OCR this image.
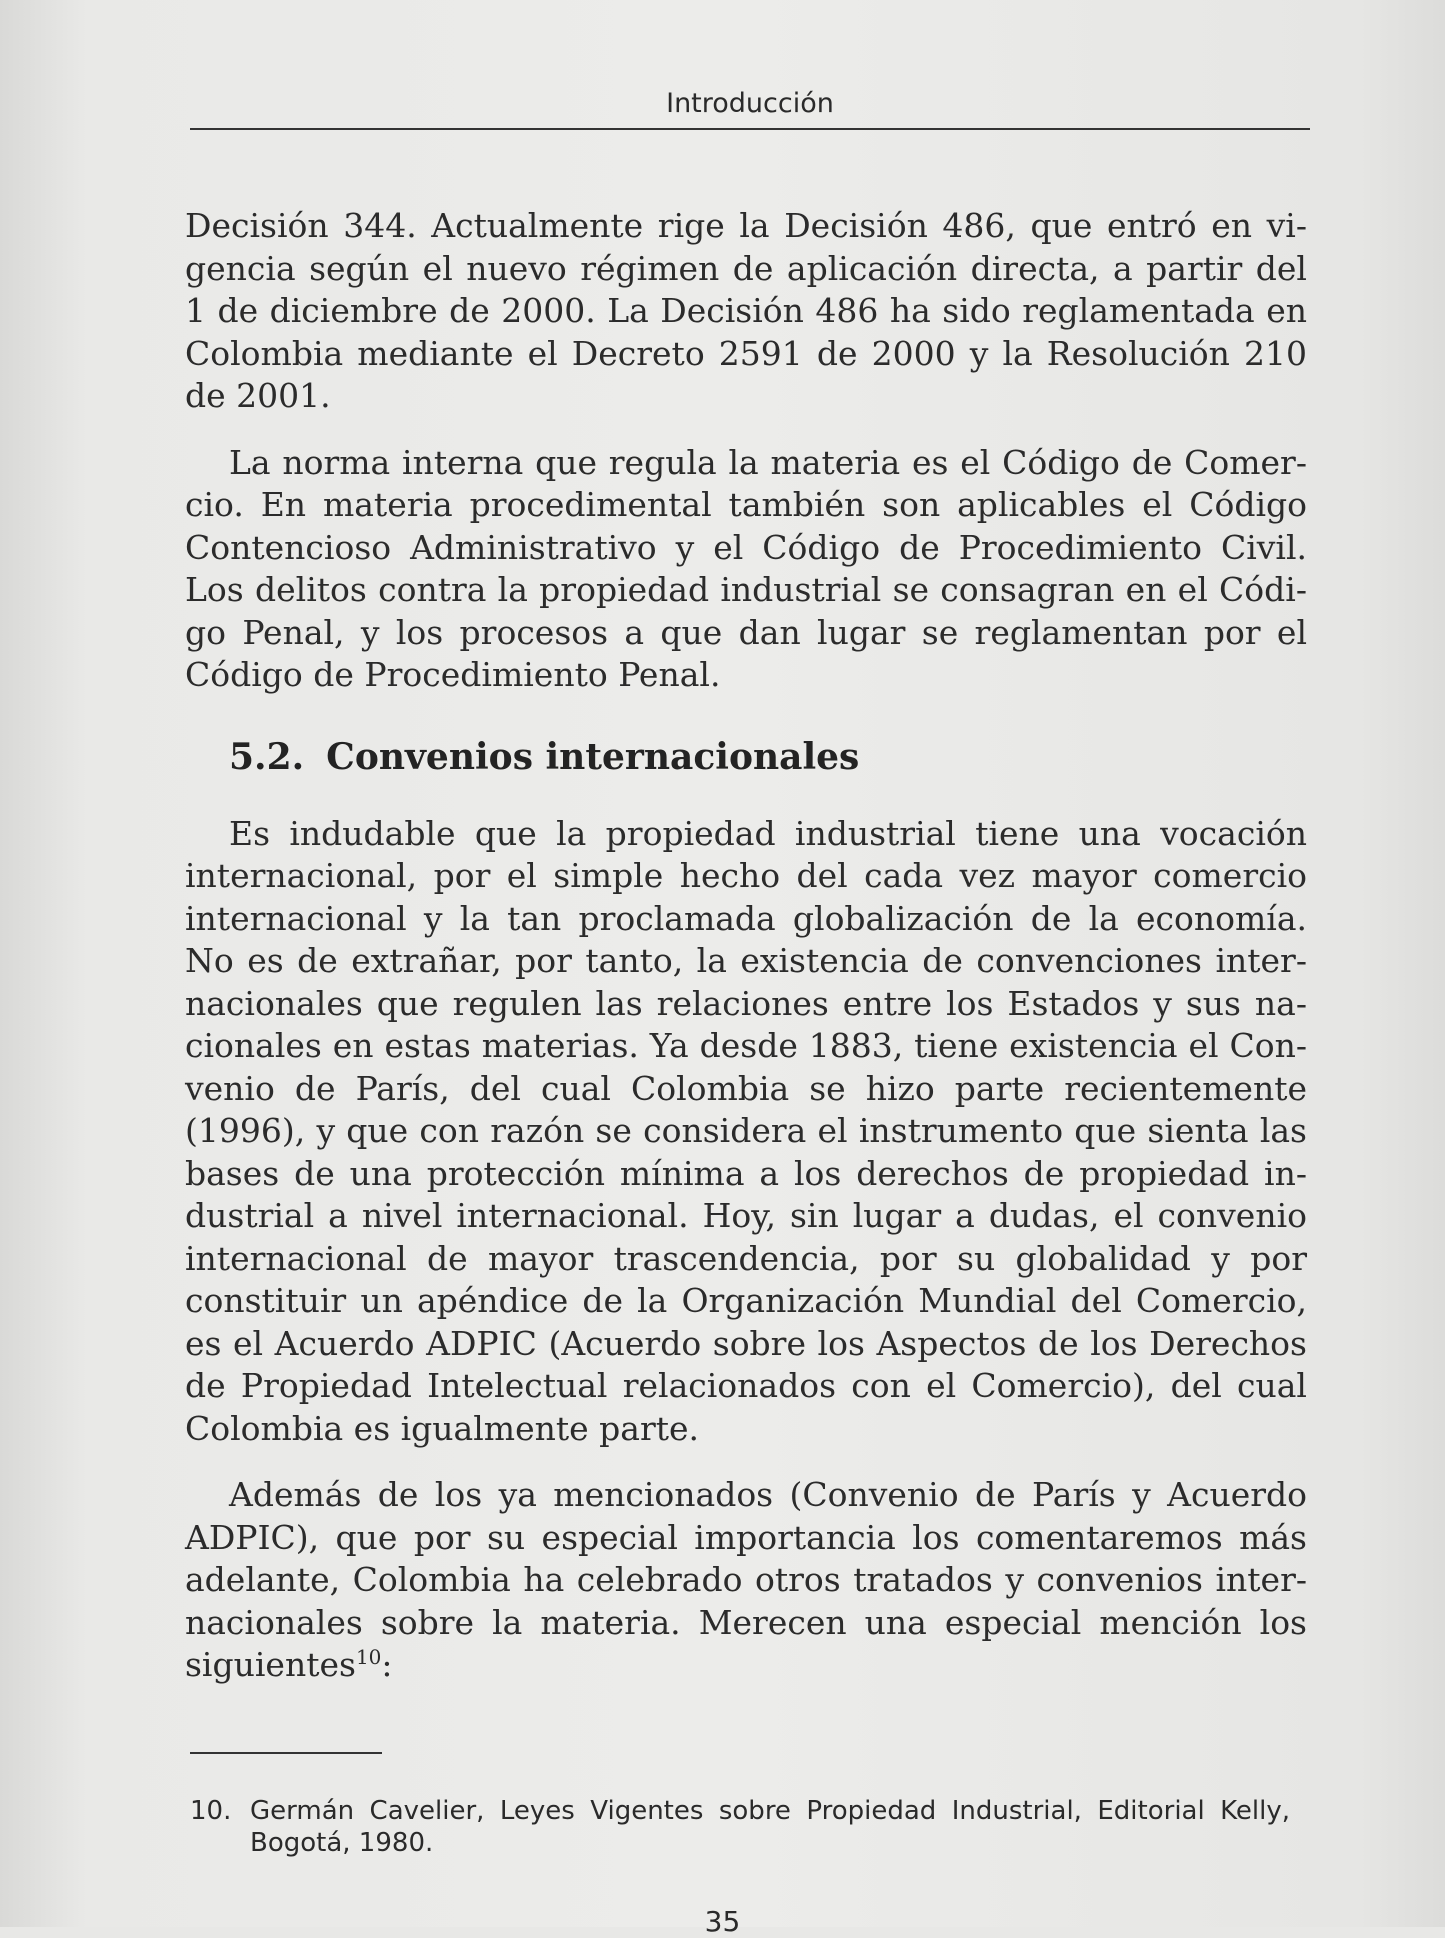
Introducción

Decisión 344. Actualmente rige la Decisión 486, que entró en vigencia según el nuevo régimen de aplicación directa, a partir del 1 de diciembre de 2000. La Decisión 486 ha sido reglamentada en Colombia mediante el Decreto 2591 de 2000 y la Resolución 210 de 2001.

La norma interna que regula la materia es el Código de Comercio. En materia procedimental también son aplicables el Código Contencioso Administrativo y el Código de Procedimiento Civil. Los delitos contra la propiedad industrial se consagran en el Código Penal, y los procesos a que dan lugar se reglamentan por el Código de Procedimiento Penal.

5.2. Convenios internacionales

Es indudable que la propiedad industrial tiene una vocación internacional, por el simple hecho del cada vez mayor comercio internacional y la tan proclamada globalización de la economía. No es de extrañar, por tanto, la existencia de convenciones internacionales que regulen las relaciones entre los Estados y sus nacionales en estas materias. Ya desde 1883, tiene existencia el Convenio de París, del cual Colombia se hizo parte recientemente (1996), y que con razón se considera el instrumento que sienta las bases de una protección mínima a los derechos de propiedad industrial a nivel internacional. Hoy, sin lugar a dudas, el convenio internacional de mayor trascendencia, por su globalidad y por constituir un apéndice de la Organización Mundial del Comercio, es el Acuerdo ADPIC (Acuerdo sobre los Aspectos de los Derechos de Propiedad Intelectual relacionados con el Comercio), del cual Colombia es igualmente parte.

Además de los ya mencionados (Convenio de París y Acuerdo ADPIC), que por su especial importancia los comentaremos más adelante, Colombia ha celebrado otros tratados y convenios internacionales sobre la materia. Merecen una especial mención los siguientes$^{10}$:

10. Germán Cavelier, Leyes Vigentes sobre Propiedad Industrial, Editorial Kelly, Bogotá, 1980.
35
